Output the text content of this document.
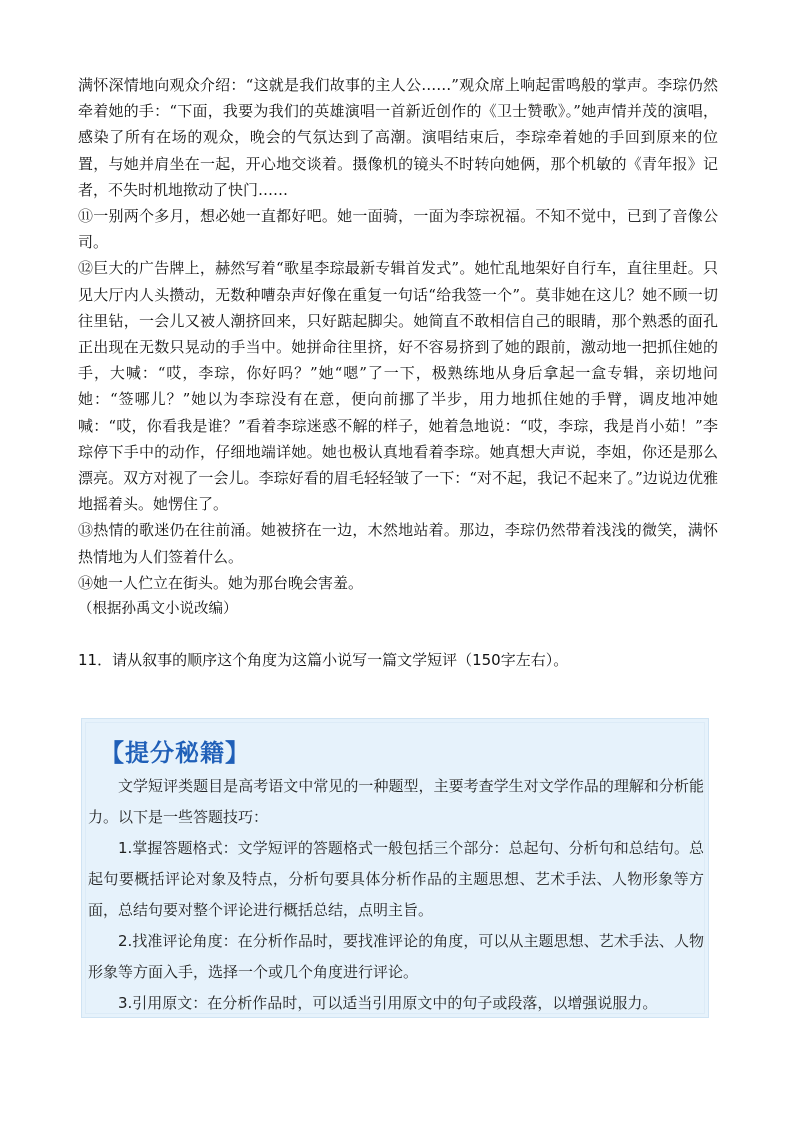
满怀深情地向观众介绍：“这就是我们故事的主人公……”观众席上响起雷鸣般的掌声。李琮仍然牵着她的手：“下面，我要为我们的英雄演唱一首新近创作的《卫士赞歌》。”她声情并茂的演唱，感染了所有在场的观众，晚会的气氛达到了高潮。演唱结束后，李琮牵着她的手回到原来的位置，与她并肩坐在一起，开心地交谈着。摄像机的镜头不时转向她俩，那个机敏的《青年报》记者，不失时机地揿动了快门……

⑪一别两个多月，想必她一直都好吧。她一面骑，一面为李琮祝福。不知不觉中，已到了音像公司。

⑫巨大的广告牌上，赫然写着“歌星李琮最新专辑首发式”。她忙乱地架好自行车，直往里赶。只见大厅内人头攒动，无数种嘈杂声好像在重复一句话“给我签一个”。莫非她在这儿？她不顾一切往里钻，一会儿又被人潮挤回来，只好踮起脚尖。她简直不敢相信自己的眼睛，那个熟悉的面孔正出现在无数只晃动的手当中。她拼命往里挤，好不容易挤到了她的跟前，激动地一把抓住她的手，大喊：“哎，李琮，你好吗？”她“嗯”了一下，极熟练地从身后拿起一盒专辑，亲切地问她：“签哪儿？”她以为李琮没有在意，便向前挪了半步，用力地抓住她的手臂，调皮地冲她喊：“哎，你看我是谁？”看着李琮迷惑不解的样子，她着急地说：“哎，李琮，我是肖小茹！”李琮停下手中的动作，仔细地端详她。她也极认真地看着李琮。她真想大声说，李姐，你还是那么漂亮。双方对视了一会儿。李琮好看的眉毛轻轻皱了一下：“对不起，我记不起来了。”边说边优雅地摇着头。她愣住了。

⑬热情的歌迷仍在往前涌。她被挤在一边，木然地站着。那边，李琮仍然带着浅浅的微笑，满怀热情地为人们签着什么。

⑭她一人伫立在街头。她为那台晚会害羞。

（根据孙禹文小说改编）

11．请从叙事的顺序这个角度为这篇小说写一篇文学短评（150字左右）。
【提分秘籍】

文学短评类题目是高考语文中常见的一种题型，主要考查学生对文学作品的理解和分析能力。以下是一些答题技巧：

1.掌握答题格式：文学短评的答题格式一般包括三个部分：总起句、分析句和总结句。总起句要概括评论对象及特点，分析句要具体分析作品的主题思想、艺术手法、人物形象等方面，总结句要对整个评论进行概括总结，点明主旨。

2.找准评论角度：在分析作品时，要找准评论的角度，可以从主题思想、艺术手法、人物形象等方面入手，选择一个或几个角度进行评论。

3.引用原文：在分析作品时，可以适当引用原文中的句子或段落，以增强说服力。
